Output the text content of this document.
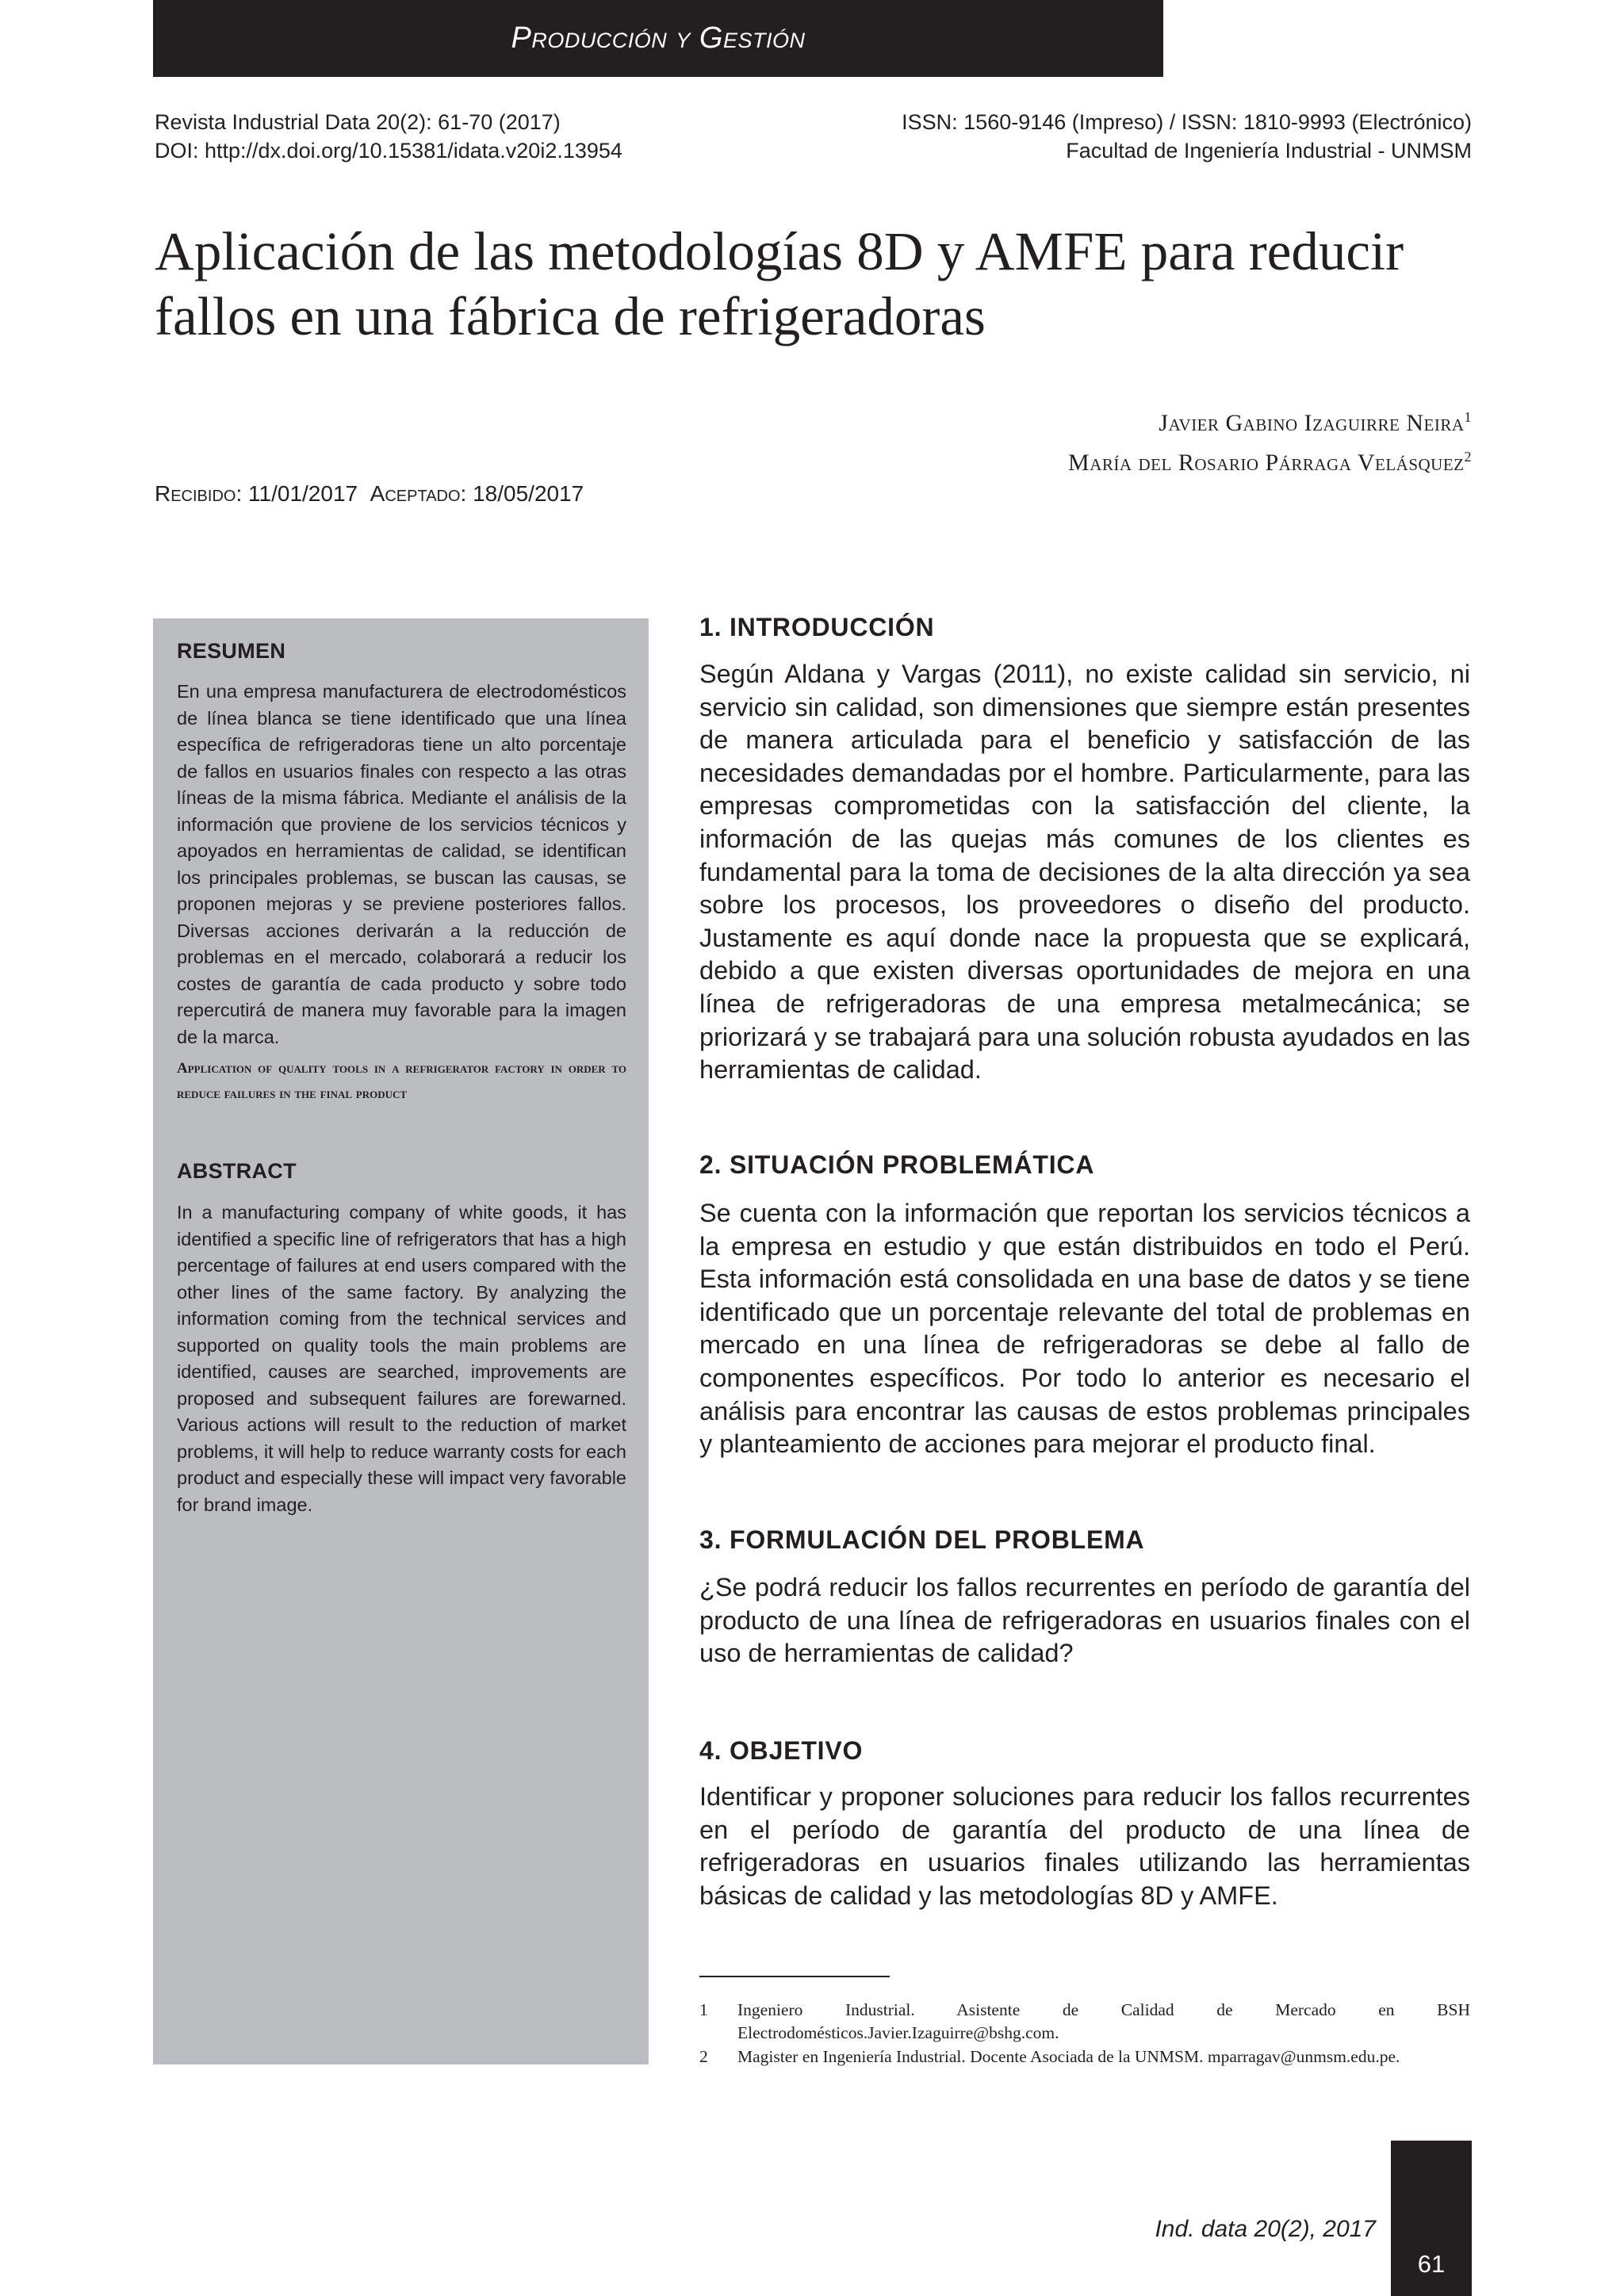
Producción y Gestión
Revista Industrial Data 20(2): 61-70 (2017)
DOI: http://dx.doi.org/10.15381/idata.v20i2.13954
ISSN: 1560-9146 (Impreso) / ISSN: 1810-9993 (Electrónico)
Facultad de Ingeniería Industrial - UNMSM
Aplicación de las metodologías 8D y AMFE para reducir
fallos en una fábrica de refrigeradoras
Javier Gabino Izaguirre Neira$^1$
María del Rosario Párraga Velásquez$^2$
Recibido: 11/01/2017 Aceptado: 18/05/2017
RESUMEN

En una empresa manufacturera de electrodomésticos de línea blanca se tiene identificado que una línea específica de refrigeradoras tiene un alto porcentaje de fallos en usuarios finales con respecto a las otras líneas de la misma fábrica. Mediante el análisis de la información que proviene de los servicios técnicos y apoyados en herramientas de calidad, se identifican los principales problemas, se buscan las causas, se proponen mejoras y se previene posteriores fallos. Diversas acciones derivarán a la reducción de problemas en el mercado, colaborará a reducir los costes de garantía de cada producto y sobre todo repercutirá de manera muy favorable para la imagen de la marca.

Application of quality tools in a refrigerator factory in order to reduce failures in the final product

ABSTRACT

In a manufacturing company of white goods, it has identified a specific line of refrigerators that has a high percentage of failures at end users compared with the other lines of the same factory. By analyzing the information coming from the technical services and supported on quality tools the main problems are identified, causes are searched, improvements are proposed and subsequent failures are forewarned. Various actions will result to the reduction of market problems, it will help to reduce warranty costs for each product and especially these will impact very favorable for brand image.

1. INTRODUCCIÓN

Según Aldana y Vargas (2011), no existe calidad sin servicio, ni servicio sin calidad, son dimensiones que siempre están presentes de manera articulada para el beneficio y satisfacción de las necesidades demandadas por el hombre. Particularmente, para las empresas comprometidas con la satisfacción del cliente, la información de las quejas más comunes de los clientes es fundamental para la toma de decisiones de la alta dirección ya sea sobre los procesos, los proveedores o diseño del producto. Justamente es aquí donde nace la propuesta que se explicará, debido a que existen diversas oportunidades de mejora en una línea de refrigeradoras de una empresa metalmecánica; se priorizará y se trabajará para una solución robusta ayudados en las herramientas de calidad.

2. SITUACIÓN PROBLEMÁTICA

Se cuenta con la información que reportan los servicios técnicos a la empresa en estudio y que están distribuidos en todo el Perú. Esta información está consolidada en una base de datos y se tiene identificado que un porcentaje relevante del total de problemas en mercado en una línea de refrigeradoras se debe al fallo de componentes específicos. Por todo lo anterior es necesario el análisis para encontrar las causas de estos problemas principales y planteamiento de acciones para mejorar el producto final.

3. FORMULACIÓN DEL PROBLEMA

¿Se podrá reducir los fallos recurrentes en período de garantía del producto de una línea de refrigeradoras en usuarios finales con el uso de herramientas de calidad?

4. OBJETIVO

Identificar y proponer soluciones para reducir los fallos recurrentes en el período de garantía del producto de una línea de refrigeradoras en usuarios finales utilizando las herramientas básicas de calidad y las metodologías 8D y AMFE.

1 Ingeniero Industrial. Asistente de Calidad de Mercado en BSH Electrodomésticos.Javier.Izaguirre@bshg.com.
2 Magister en Ingeniería Industrial. Docente Asociada de la UNMSM. mparragav@unmsm.edu.pe.
Ind. data 20(2), 2017
61
